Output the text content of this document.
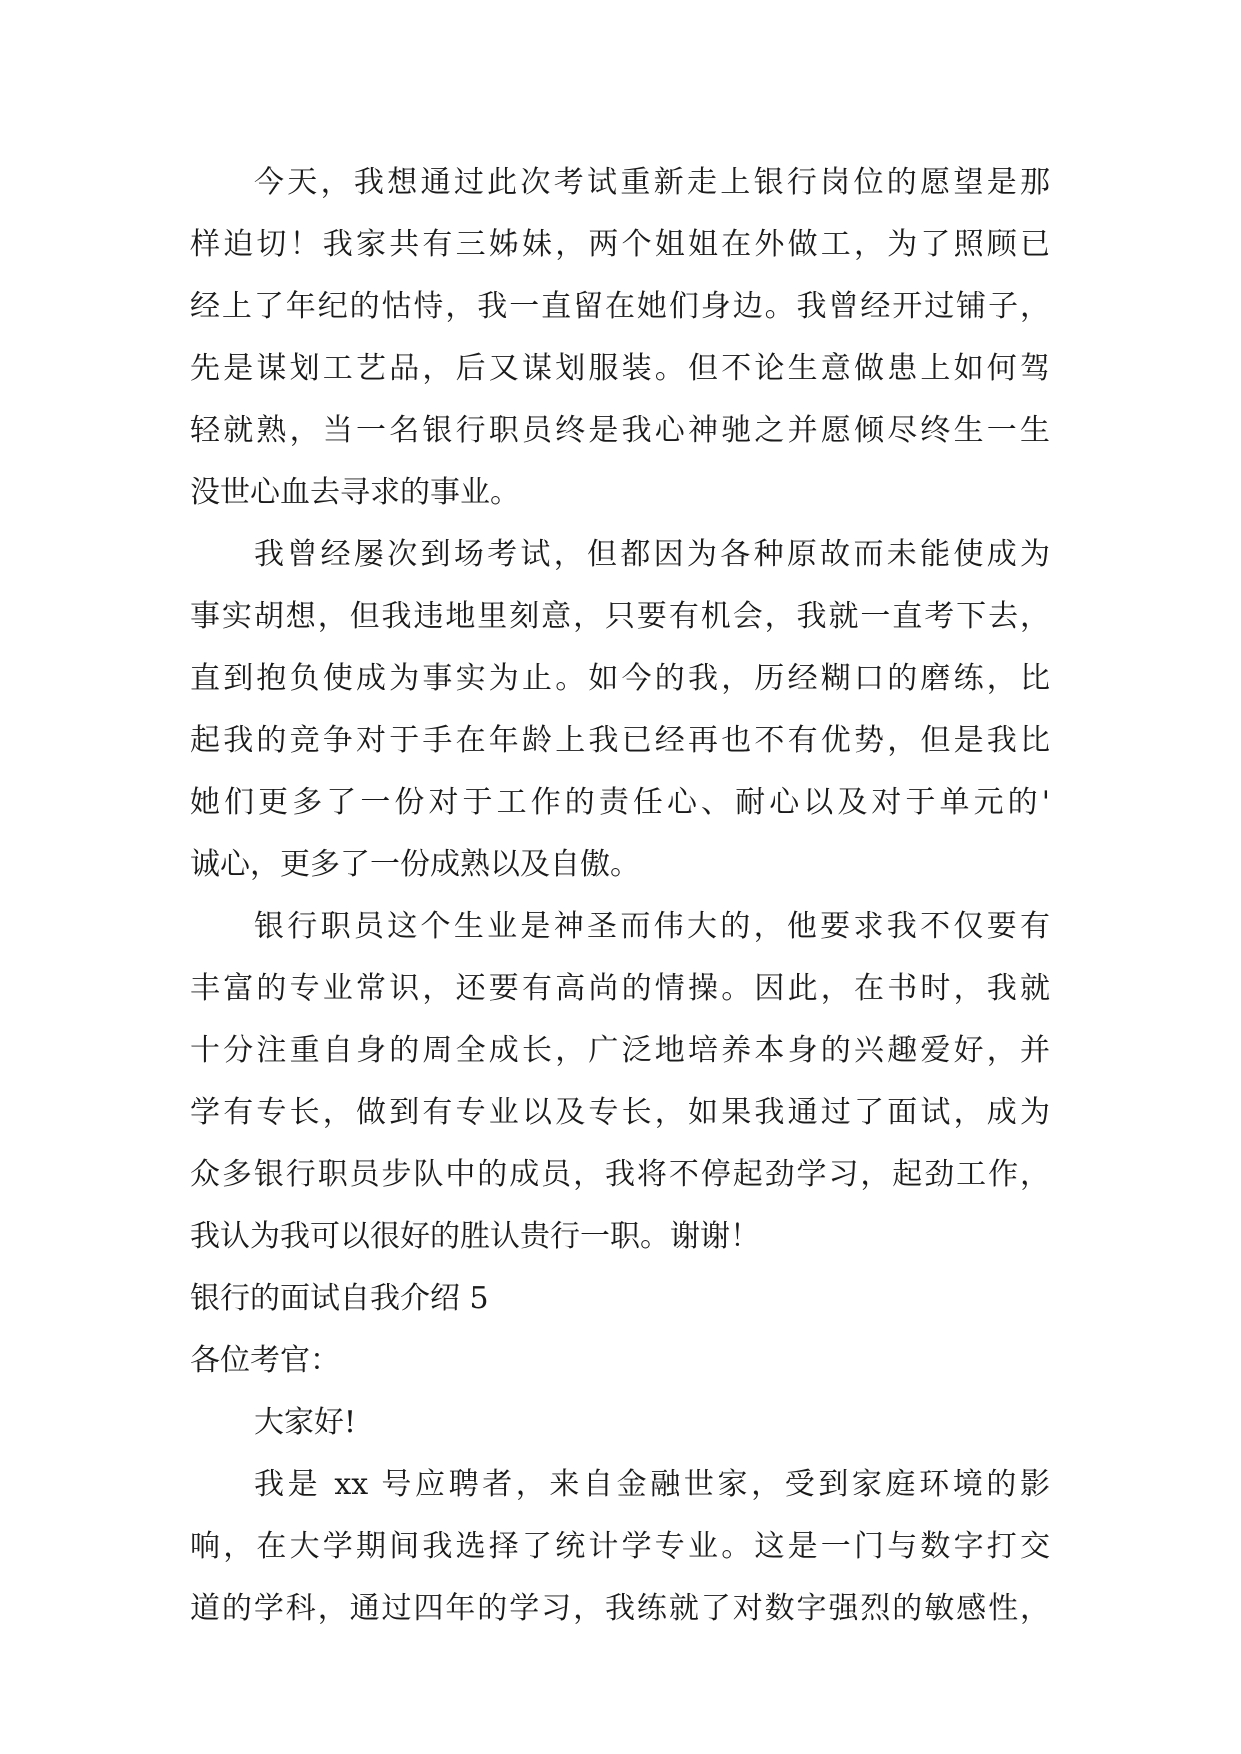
今天，我想通过此次考试重新走上银行岗位的愿望是那
样迫切！我家共有三姊妹，两个姐姐在外做工，为了照顾已
经上了年纪的怙恃，我一直留在她们身边。我曾经开过铺子，
先是谋划工艺品，后又谋划服装。但不论生意做患上如何驾
轻就熟，当一名银行职员终是我心神驰之并愿倾尽终生一生
没世心血去寻求的事业。
我曾经屡次到场考试，但都因为各种原故而未能使成为
事实胡想，但我违地里刻意，只要有机会，我就一直考下去，
直到抱负使成为事实为止。如今的我，历经糊口的磨练，比
起我的竞争对于手在年龄上我已经再也不有优势，但是我比
她们更多了一份对于工作的责任心、耐心以及对于单元的'
诚心，更多了一份成熟以及自傲。
银行职员这个生业是神圣而伟大的，他要求我不仅要有
丰富的专业常识，还要有高尚的情操。因此，在书时，我就
十分注重自身的周全成长，广泛地培养本身的兴趣爱好，并
学有专长，做到有专业以及专长，如果我通过了面试，成为
众多银行职员步队中的成员，我将不停起劲学习，起劲工作，
我认为我可以很好的胜认贵行一职。谢谢！
银行的面试自我介绍 5
各位考官：
大家好!
我是 xx 号应聘者，来自金融世家，受到家庭环境的影
响，在大学期间我选择了统计学专业。这是一门与数字打交
道的学科，通过四年的学习，我练就了对数字强烈的敏感性，
